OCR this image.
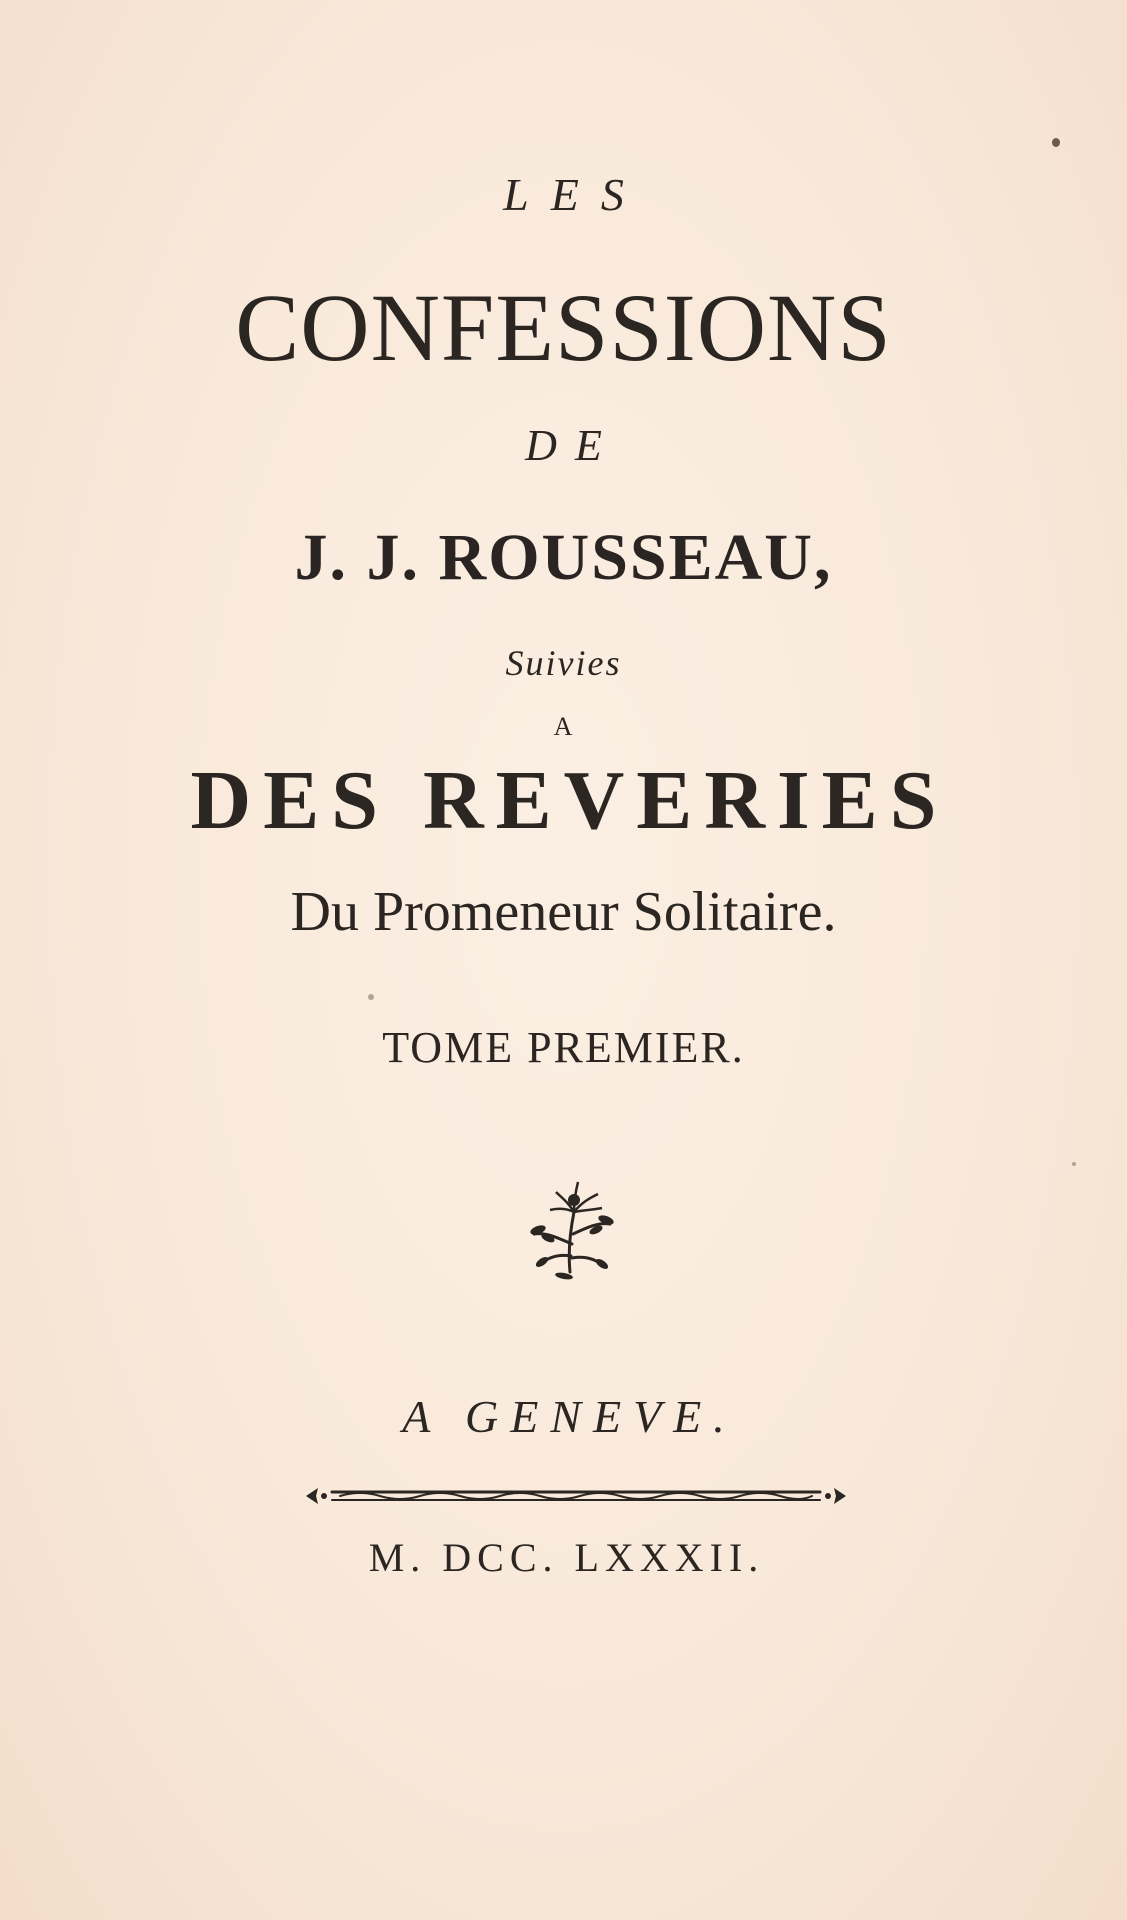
LES
CONFESSIONS
DE
J. J. ROUSSEAU,
Suivies
A
DES REVERIES
Du Promeneur Solitaire.
TOME PREMIER.
A GENEVE.
M. DCC. LXXXII.
